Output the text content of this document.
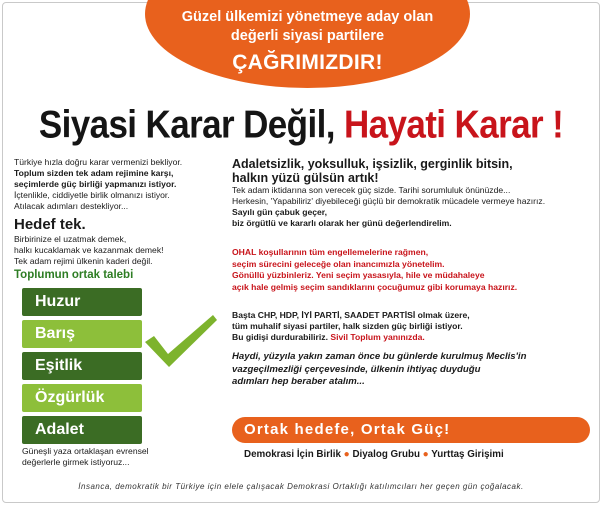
Güzel ülkemizi yönetmeye aday olan
değerli siyasi partilere
ÇAĞRIMIZDIR!
Siyasi Karar Değil, Hayati Karar !
Türkiye hızla doğru karar vermenizi bekliyor.
Toplum sizden tek adam rejimine karşı,
seçimlerde güç birliği yapmanızı istiyor.
İçtenlikle, ciddiyetle birlik olmanızı istiyor.
Atılacak adımları destekliyor...
Hedef tek.
Birbirinize el uzatmak demek,
halkı kucaklamak ve kazanmak demek!
Tek adam rejimi ülkenin kaderi değil.
Toplumun ortak talebi
Huzur
Barış
Eşitlik
Özgürlük
Adalet
Güneşli yaza ortaklaşan evrensel
değerlerle girmek istiyoruz...
Adaletsizlik, yoksulluk, işsizlik, gerginlik bitsin,
halkın yüzü gülsün artık!
Tek adam iktidarına son verecek güç sizde. Tarihi sorumluluk önünüzde...
Herkesin, 'Yapabiliriz' diyebileceği güçlü bir demokratik mücadele vermeye hazırız.
Sayılı gün çabuk geçer,
biz örgütlü ve kararlı olarak her günü değerlendirelim.
OHAL koşullarının tüm engellemelerine rağmen,
seçim sürecini geleceğe olan inancımızla yönetelim.
Gönüllü yüzbinleriz. Yeni seçim yasasıyla, hile ve müdahaleye
açık hale gelmiş seçim sandıklarını çocuğumuz gibi korumaya hazırız.
Başta CHP, HDP, İYİ PARTİ, SAADET PARTİSİ olmak üzere,
tüm muhalif siyasi partiler, halk sizden güç birliği istiyor.
Bu gidişi durdurabiliriz. Sivil Toplum yanınızda.
Haydi, yüzyıla yakın zaman önce bu günlerde kurulmuş Meclis'in
vazgeçilmezliği çerçevesinde, ülkenin ihtiyaç duyduğu
adımları hep beraber atalım...
Ortak hedefe, Ortak Güç!
Demokrasi İçin Birlik ● Diyalog Grubu ● Yurttaş Girişimi
İnsanca, demokratik bir Türkiye için elele çalışacak Demokrasi Ortaklığı katılımcıları her geçen gün çoğalacak.
